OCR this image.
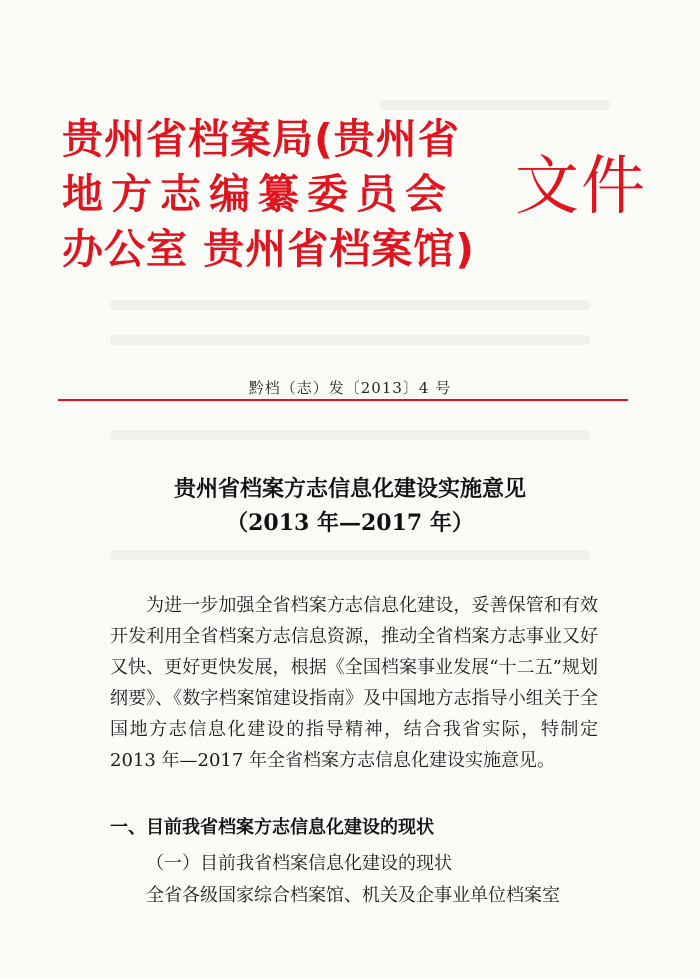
贵州省档案局(贵州省
地方志编纂委员会
办公室 贵州省档案馆)
文件
黔档（志）发〔2013〕4 号
贵州省档案方志信息化建设实施意见
（2013 年—2017 年）

为进一步加强全省档案方志信息化建设，妥善保管和有效开发利用全省档案方志信息资源，推动全省档案方志事业又好又快、更好更快发展，根据《全国档案事业发展“十二五”规划纲要》、《数字档案馆建设指南》及中国地方志指导小组关于全国地方志信息化建设的指导精神，结合我省实际，特制定 2013 年—2017 年全省档案方志信息化建设实施意见。

一、目前我省档案方志信息化建设的现状
（一）目前我省档案信息化建设的现状
全省各级国家综合档案馆、机关及企事业单位档案室
